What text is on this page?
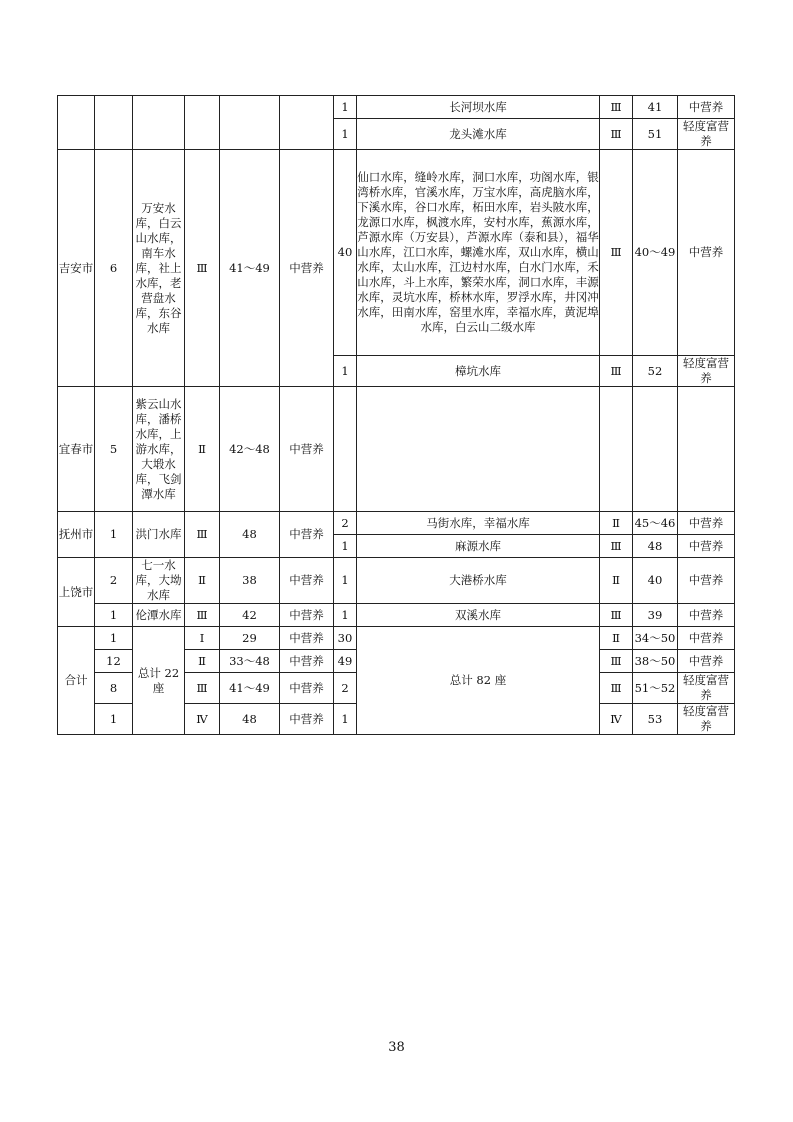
						1	长河坝水库	Ⅲ	41	中营养
						1	龙头滩水库	Ⅲ	51	轻度富营养
吉安市	6	万安水库，白云山水库，南车水库，社上水库，老营盘水库，东谷水库	Ⅲ	41～49	中营养	40	仙口水库，缝岭水库，洞口水库，功阁水库，银湾桥水库，官溪水库，万宝水库，高虎脑水库，下溪水库，谷口水库，柘田水库，岩头陂水库，龙源口水库，枫渡水库，安村水库，蕉源水库，芦源水库（万安县），芦源水库（泰和县），福华山水库，江口水库，螺滩水库，双山水库，横山水库，太山水库，江边村水库，白水门水库，禾山水库，斗上水库，繁荣水库，洞口水库，丰源水库，灵坑水库，桥林水库，罗浮水库，井冈冲水库，田南水库，窑里水库，幸福水库，黄泥埠水库，白云山二级水库	Ⅲ	40～49	中营养
						1	樟坑水库	Ⅲ	52	轻度富营养
宜春市	5	紫云山水库，潘桥水库，上游水库，大塅水库，飞剑潭水库	Ⅱ	42～48	中营养					
抚州市	1	洪门水库	Ⅲ	48	中营养	2	马街水库，幸福水库	Ⅱ	45～46	中营养
						1	麻源水库	Ⅲ	48	中营养
上饶市	2	七一水库，大坳水库	Ⅱ	38	中营养	1	大港桥水库	Ⅱ	40	中营养
	1	伦潭水库	Ⅲ	42	中营养	1	双溪水库	Ⅲ	39	中营养
合计	1	总计 22 座	Ⅰ	29	中营养	30	总计 82 座	Ⅱ	34～50	中营养
	12		Ⅱ	33～48	中营养	49		Ⅲ	38～50	中营养
	8		Ⅲ	41～49	中营养	2		Ⅲ	51～52	轻度富营养
	1		Ⅳ	48	中营养	1		Ⅳ	53	轻度富营养
38
